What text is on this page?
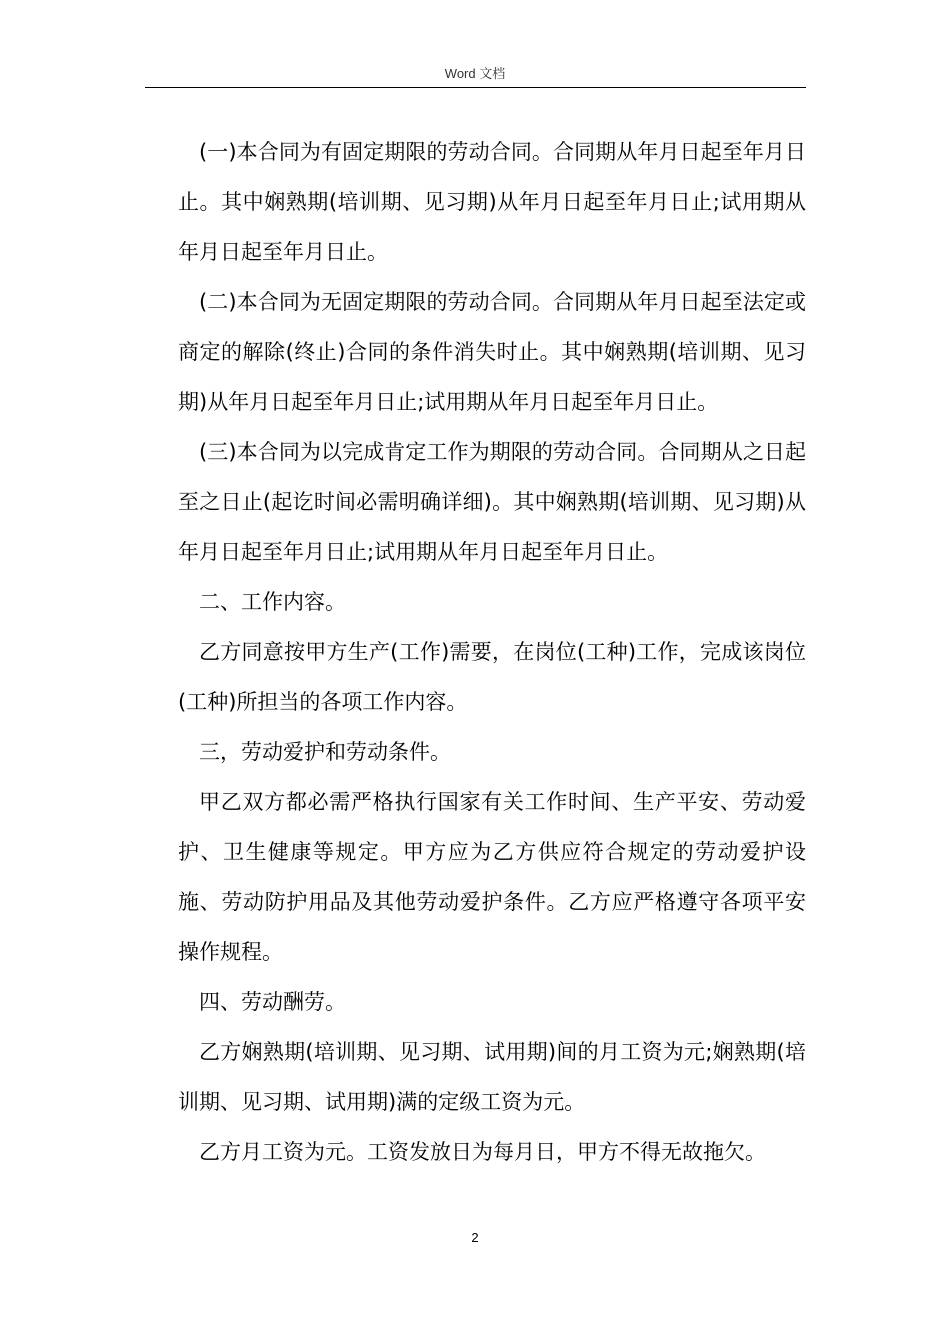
Word 文档

(一)本合同为有固定期限的劳动合同。合同期从年月日起至年月日止。其中娴熟期(培训期、见习期)从年月日起至年月日止;试用期从年月日起至年月日止。

(二)本合同为无固定期限的劳动合同。合同期从年月日起至法定或商定的解除(终止)合同的条件消失时止。其中娴熟期(培训期、见习期)从年月日起至年月日止;试用期从年月日起至年月日止。

(三)本合同为以完成肯定工作为期限的劳动合同。合同期从之日起至之日止(起讫时间必需明确详细)。其中娴熟期(培训期、见习期)从年月日起至年月日止;试用期从年月日起至年月日止。

二、工作内容。

乙方同意按甲方生产(工作)需要，在岗位(工种)工作，完成该岗位(工种)所担当的各项工作内容。

三，劳动爱护和劳动条件。

甲乙双方都必需严格执行国家有关工作时间、生产平安、劳动爱护、卫生健康等规定。甲方应为乙方供应符合规定的劳动爱护设施、劳动防护用品及其他劳动爱护条件。乙方应严格遵守各项平安操作规程。

四、劳动酬劳。

乙方娴熟期(培训期、见习期、试用期)间的月工资为元;娴熟期(培训期、见习期、试用期)满的定级工资为元。

乙方月工资为元。工资发放日为每月日，甲方不得无故拖欠。

2
